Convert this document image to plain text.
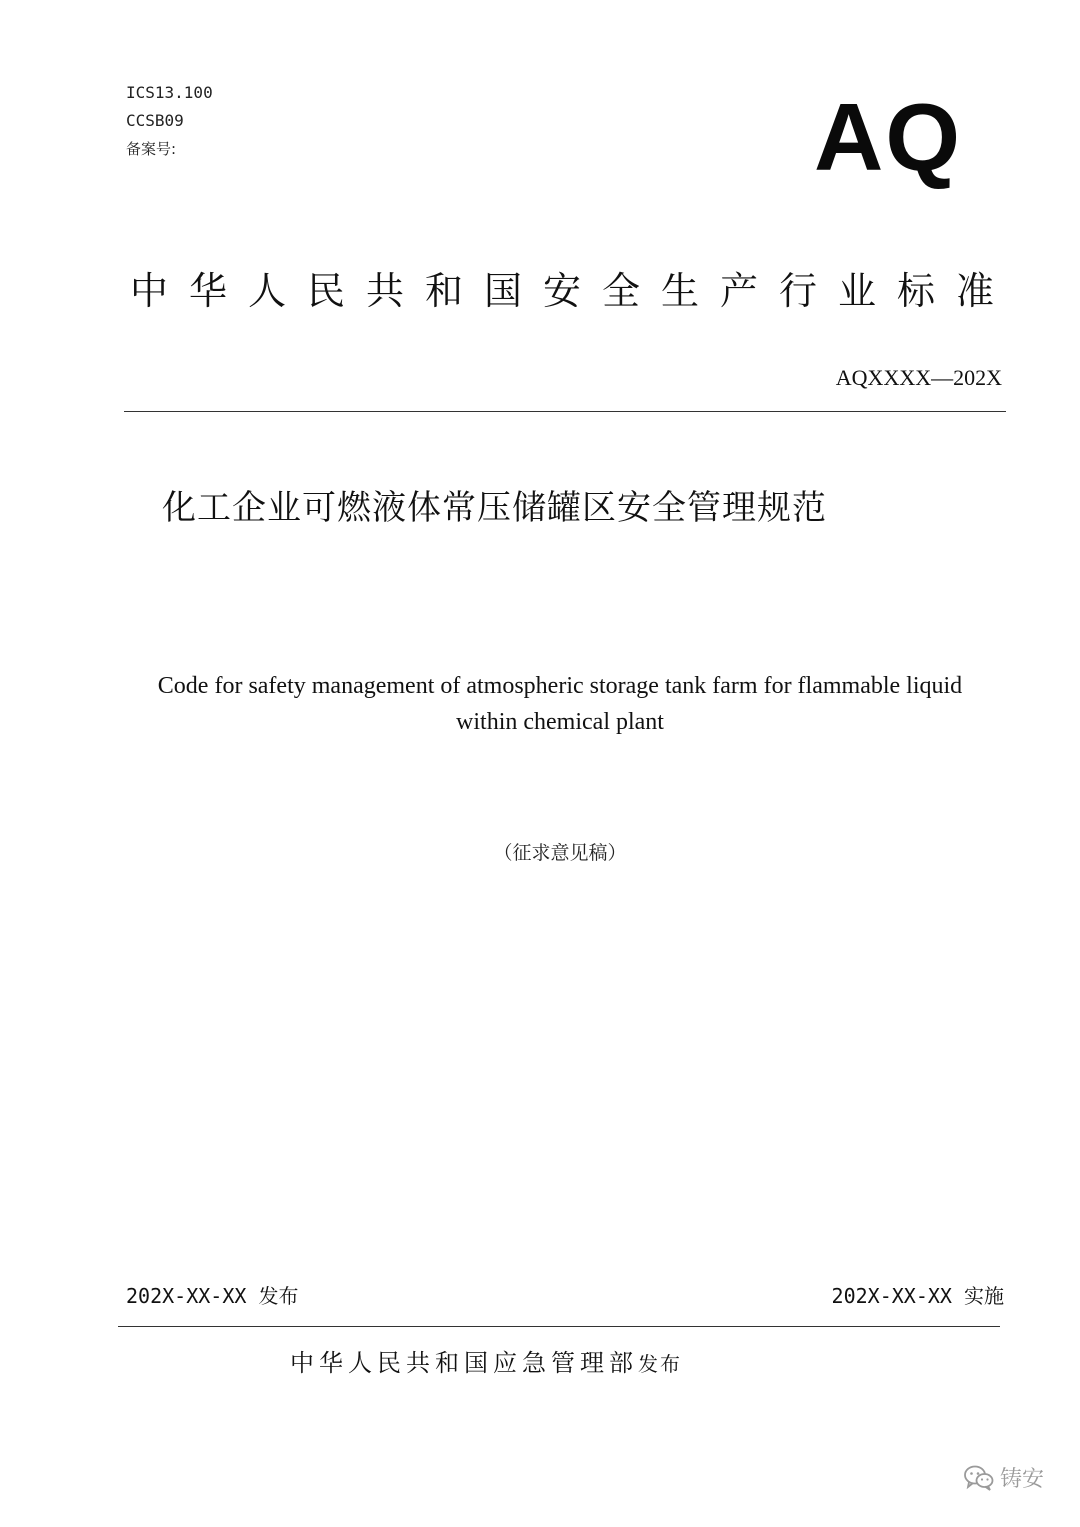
ICS13.100
CCSB09
备案号:	AQ
中华人民共和国安全生产行业标准
AQXXXX—202X
化工企业可燃液体常压储罐区安全管理规范
Code for safety management of atmospheric storage tank farm for flammable liquid
within chemical plant
（征求意见稿）
202X-XX-XX 发布	202X-XX-XX 实施
中华人民共和国应急管理部发布
铸安
